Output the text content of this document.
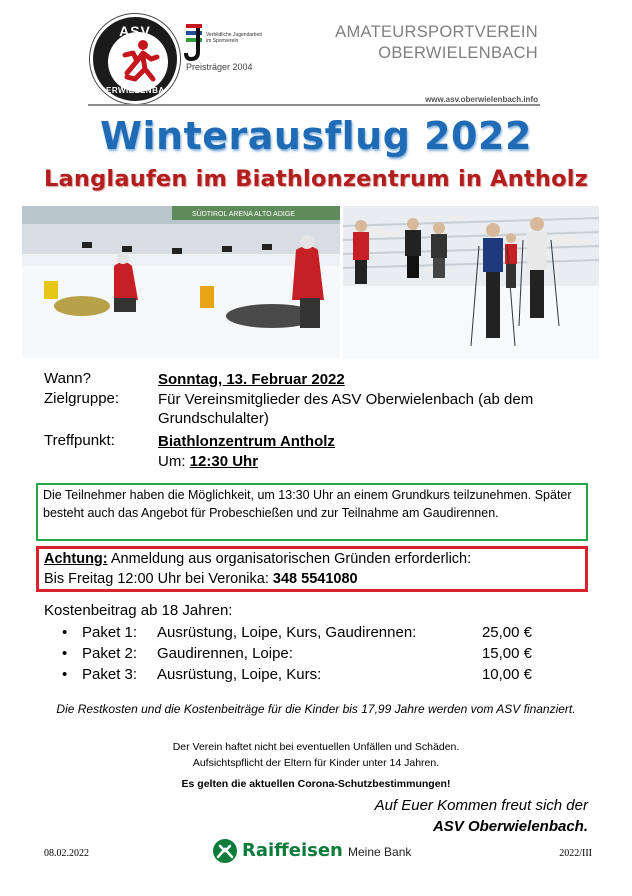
ASV
OBERWIELENBACH
Verbildliche Jugendarbeit im Sportverein
Preisträger 2004
AMATEURSPORTVEREIN
OBERWIELENBACH
www.asv.oberwielenbach.info
Winterausflug 2022
Langlaufen im Biathlonzentrum in Antholz
SÜDTIROL ARENA ALTO ADIGE
Wann?	Sonntag, 13. Februar 2022
Zielgruppe:	Für Vereinsmitglieder des ASV Oberwielenbach (ab dem Grundschulalter)
Treffpunkt:	Biathlonzentrum Antholz
Um: 12:30 Uhr
Die Teilnehmer haben die Möglichkeit, um 13:30 Uhr an einem Grundkurs teilzunehmen. Später besteht auch das Angebot für Probeschießen und zur Teilnahme am Gaudirennen.
Achtung: Anmeldung aus organisatorischen Gründen erforderlich:
Bis Freitag 12:00 Uhr bei Veronika: 348 5541080
Kostenbeitrag ab 18 Jahren:
• Paket 1: Ausrüstung, Loipe, Kurs, Gaudirennen:	25,00 €
• Paket 2: Gaudirennen, Loipe:	15,00 €
• Paket 3: Ausrüstung, Loipe, Kurs:	10,00 €
Die Restkosten und die Kostenbeiträge für die Kinder bis 17,99 Jahre werden vom ASV finanziert.
Der Verein haftet nicht bei eventuellen Unfällen und Schäden.
Aufsichtspflicht der Eltern für Kinder unter 14 Jahren.
Es gelten die aktuellen Corona-Schutzbestimmungen!
Auf Euer Kommen freut sich der
ASV Oberwielenbach.
08.02.2022	Raiffeisen Meine Bank	2022/III
